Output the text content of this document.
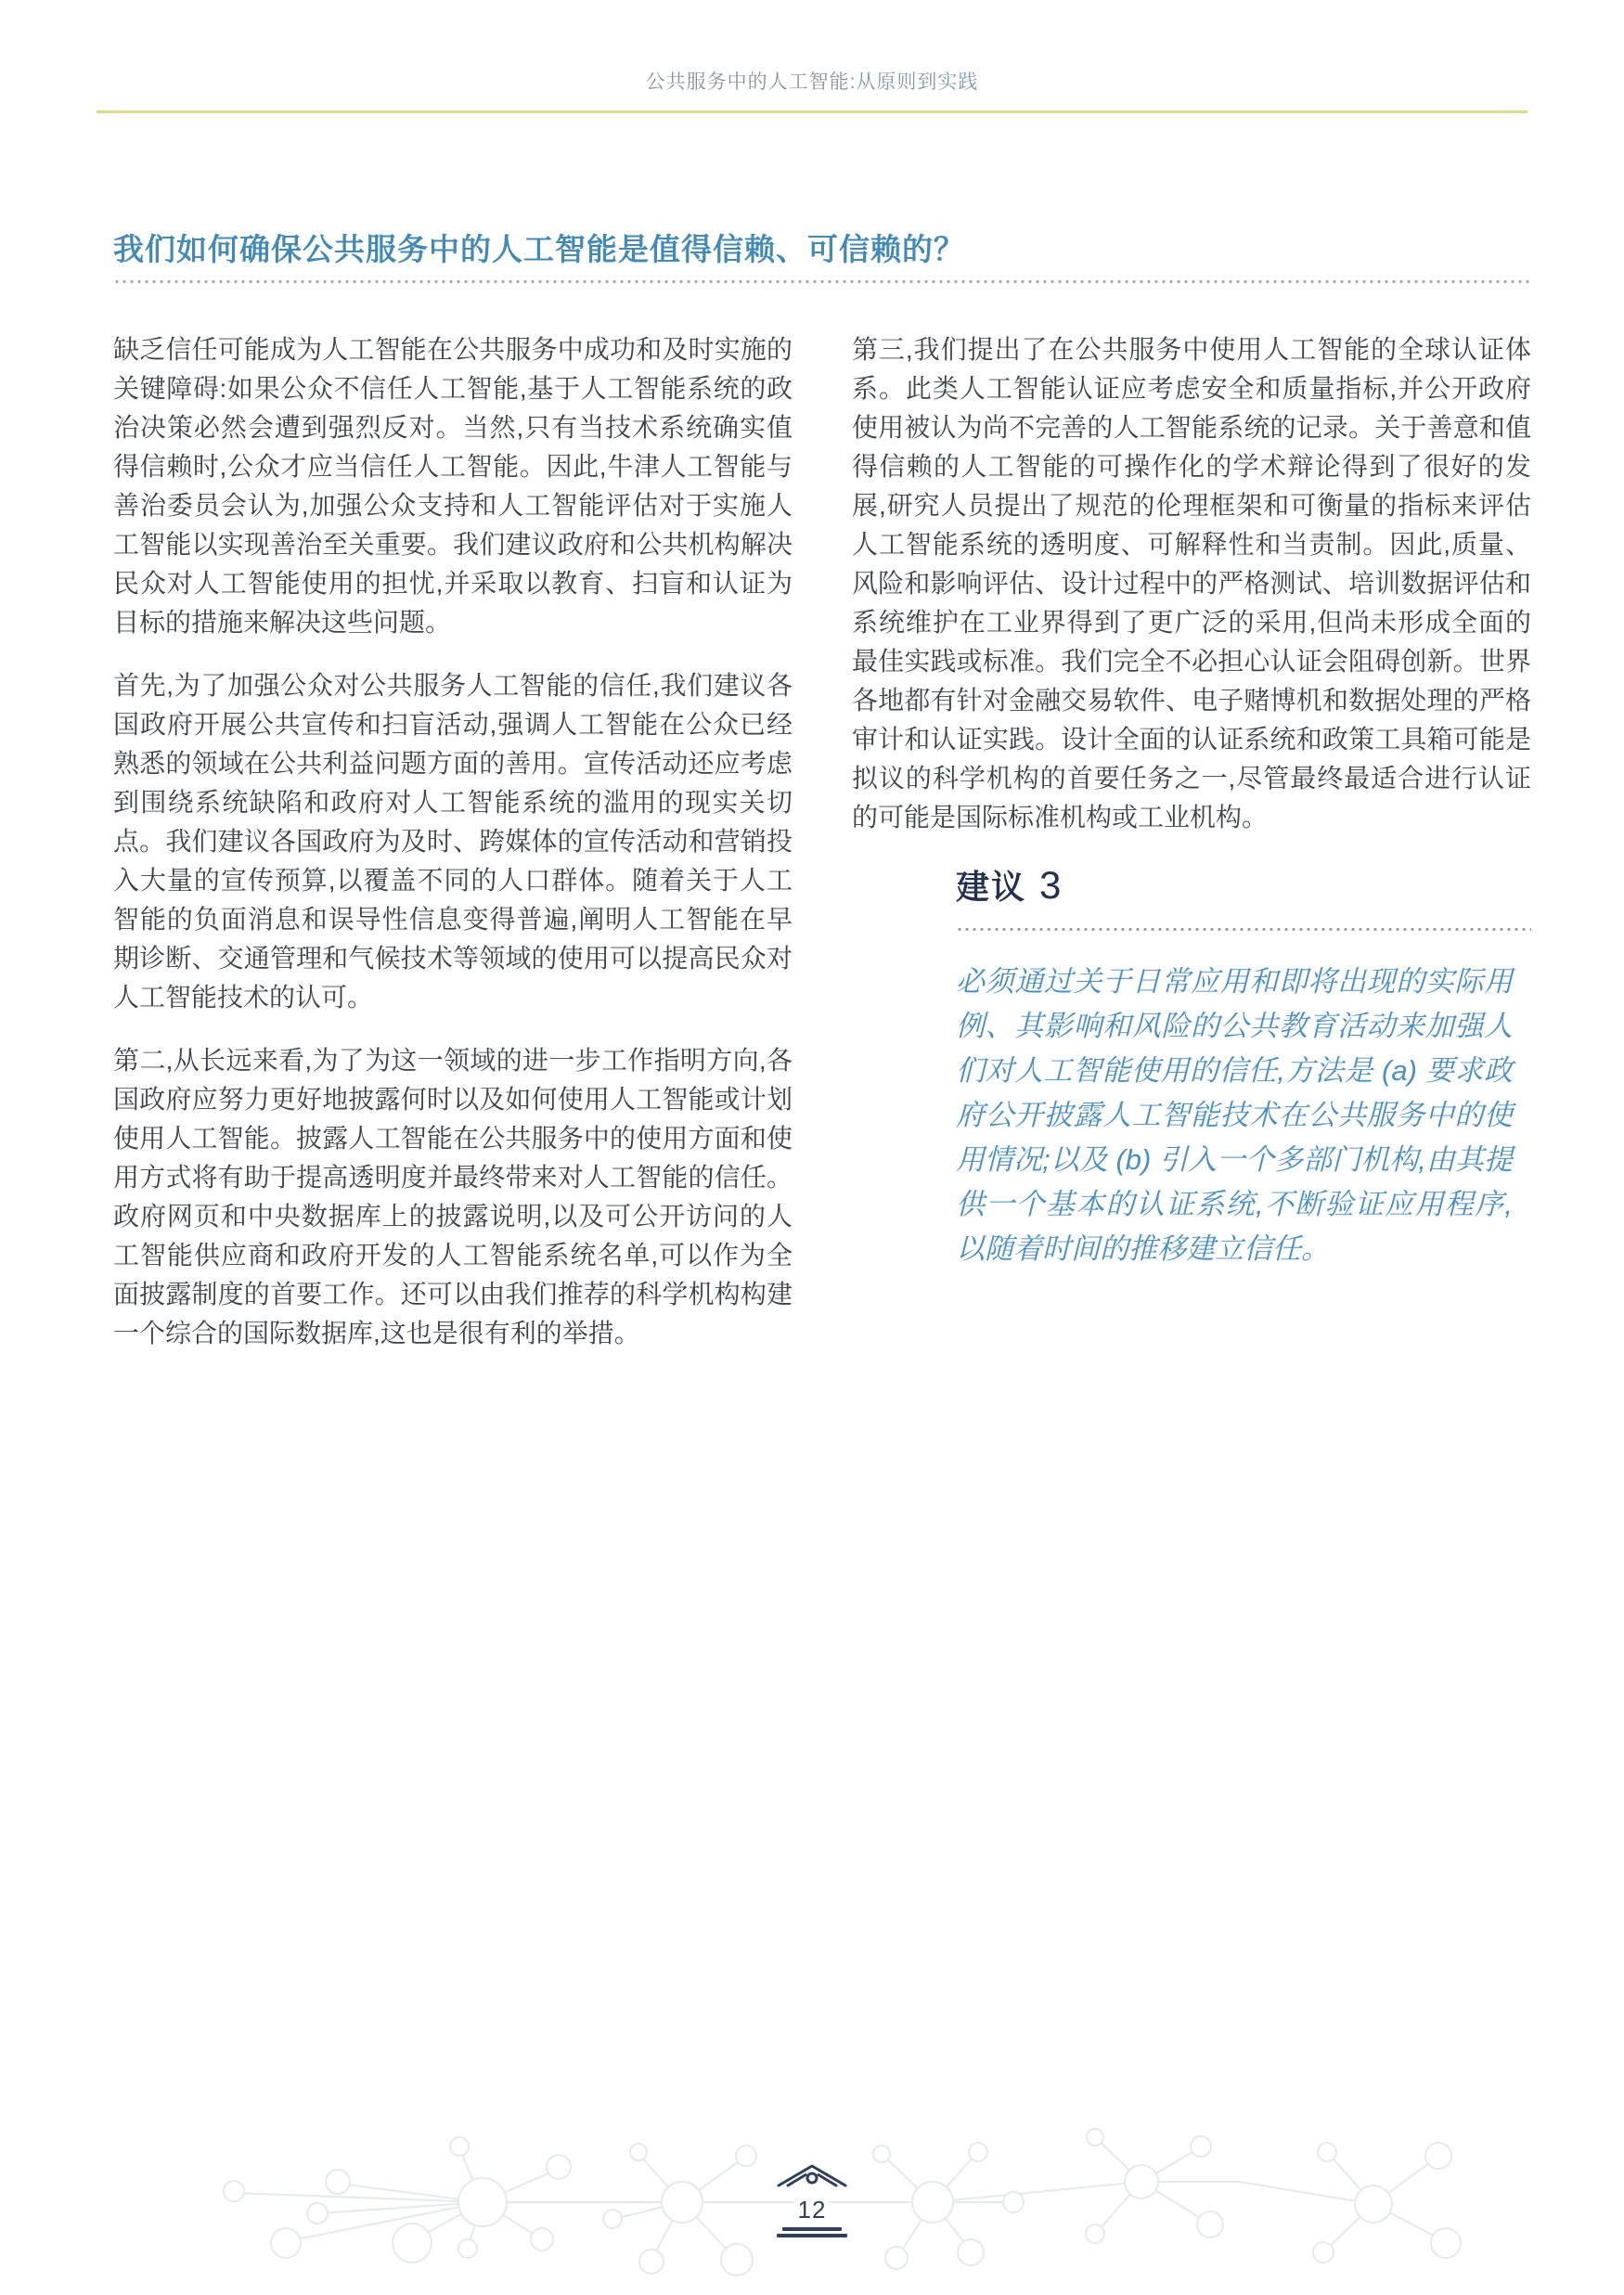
公共服务中的人工智能:从原则到实践
我们如何确保公共服务中的人工智能是值得信赖、可信赖的？

缺乏信任可能成为人工智能在公共服务中成功和及时实施的关键障碍:如果公众不信任人工智能,基于人工智能系统的政治决策必然会遭到强烈反对。当然,只有当技术系统确实值得信赖时,公众才应当信任人工智能。因此,牛津人工智能与善治委员会认为,加强公众支持和人工智能评估对于实施人工智能以实现善治至关重要。我们建议政府和公共机构解决民众对人工智能使用的担忧,并采取以教育、扫盲和认证为目标的措施来解决这些问题。

首先,为了加强公众对公共服务人工智能的信任,我们建议各国政府开展公共宣传和扫盲活动,强调人工智能在公众已经熟悉的领域在公共利益问题方面的善用。宣传活动还应考虑到围绕系统缺陷和政府对人工智能系统的滥用的现实关切点。我们建议各国政府为及时、跨媒体的宣传活动和营销投入大量的宣传预算,以覆盖不同的人口群体。随着关于人工智能的负面消息和误导性信息变得普遍,阐明人工智能在早期诊断、交通管理和气候技术等领域的使用可以提高民众对人工智能技术的认可。

第二,从长远来看,为了为这一领域的进一步工作指明方向,各国政府应努力更好地披露何时以及如何使用人工智能或计划使用人工智能。披露人工智能在公共服务中的使用方面和使用方式将有助于提高透明度并最终带来对人工智能的信任。政府网页和中央数据库上的披露说明,以及可公开访问的人工智能供应商和政府开发的人工智能系统名单,可以作为全面披露制度的首要工作。还可以由我们推荐的科学机构构建一个综合的国际数据库,这也是很有利的举措。

第三,我们提出了在公共服务中使用人工智能的全球认证体系。此类人工智能认证应考虑安全和质量指标,并公开政府使用被认为尚不完善的人工智能系统的记录。关于善意和值得信赖的人工智能的可操作化的学术辩论得到了很好的发展,研究人员提出了规范的伦理框架和可衡量的指标来评估人工智能系统的透明度、可解释性和当责制。因此,质量、风险和影响评估、设计过程中的严格测试、培训数据评估和系统维护在工业界得到了更广泛的采用,但尚未形成全面的最佳实践或标准。我们完全不必担心认证会阻碍创新。世界各地都有针对金融交易软件、电子赌博机和数据处理的严格审计和认证实践。设计全面的认证系统和政策工具箱可能是拟议的科学机构的首要任务之一,尽管最终最适合进行认证的可能是国际标准机构或工业机构。

建议 3
必须通过关于日常应用和即将出现的实际用例、其影响和风险的公共教育活动来加强人们对人工智能使用的信任,方法是 (a) 要求政府公开披露人工智能技术在公共服务中的使用情况;以及 (b) 引入一个多部门机构,由其提供一个基本的认证系统,不断验证应用程序,以随着时间的推移建立信任。
12
